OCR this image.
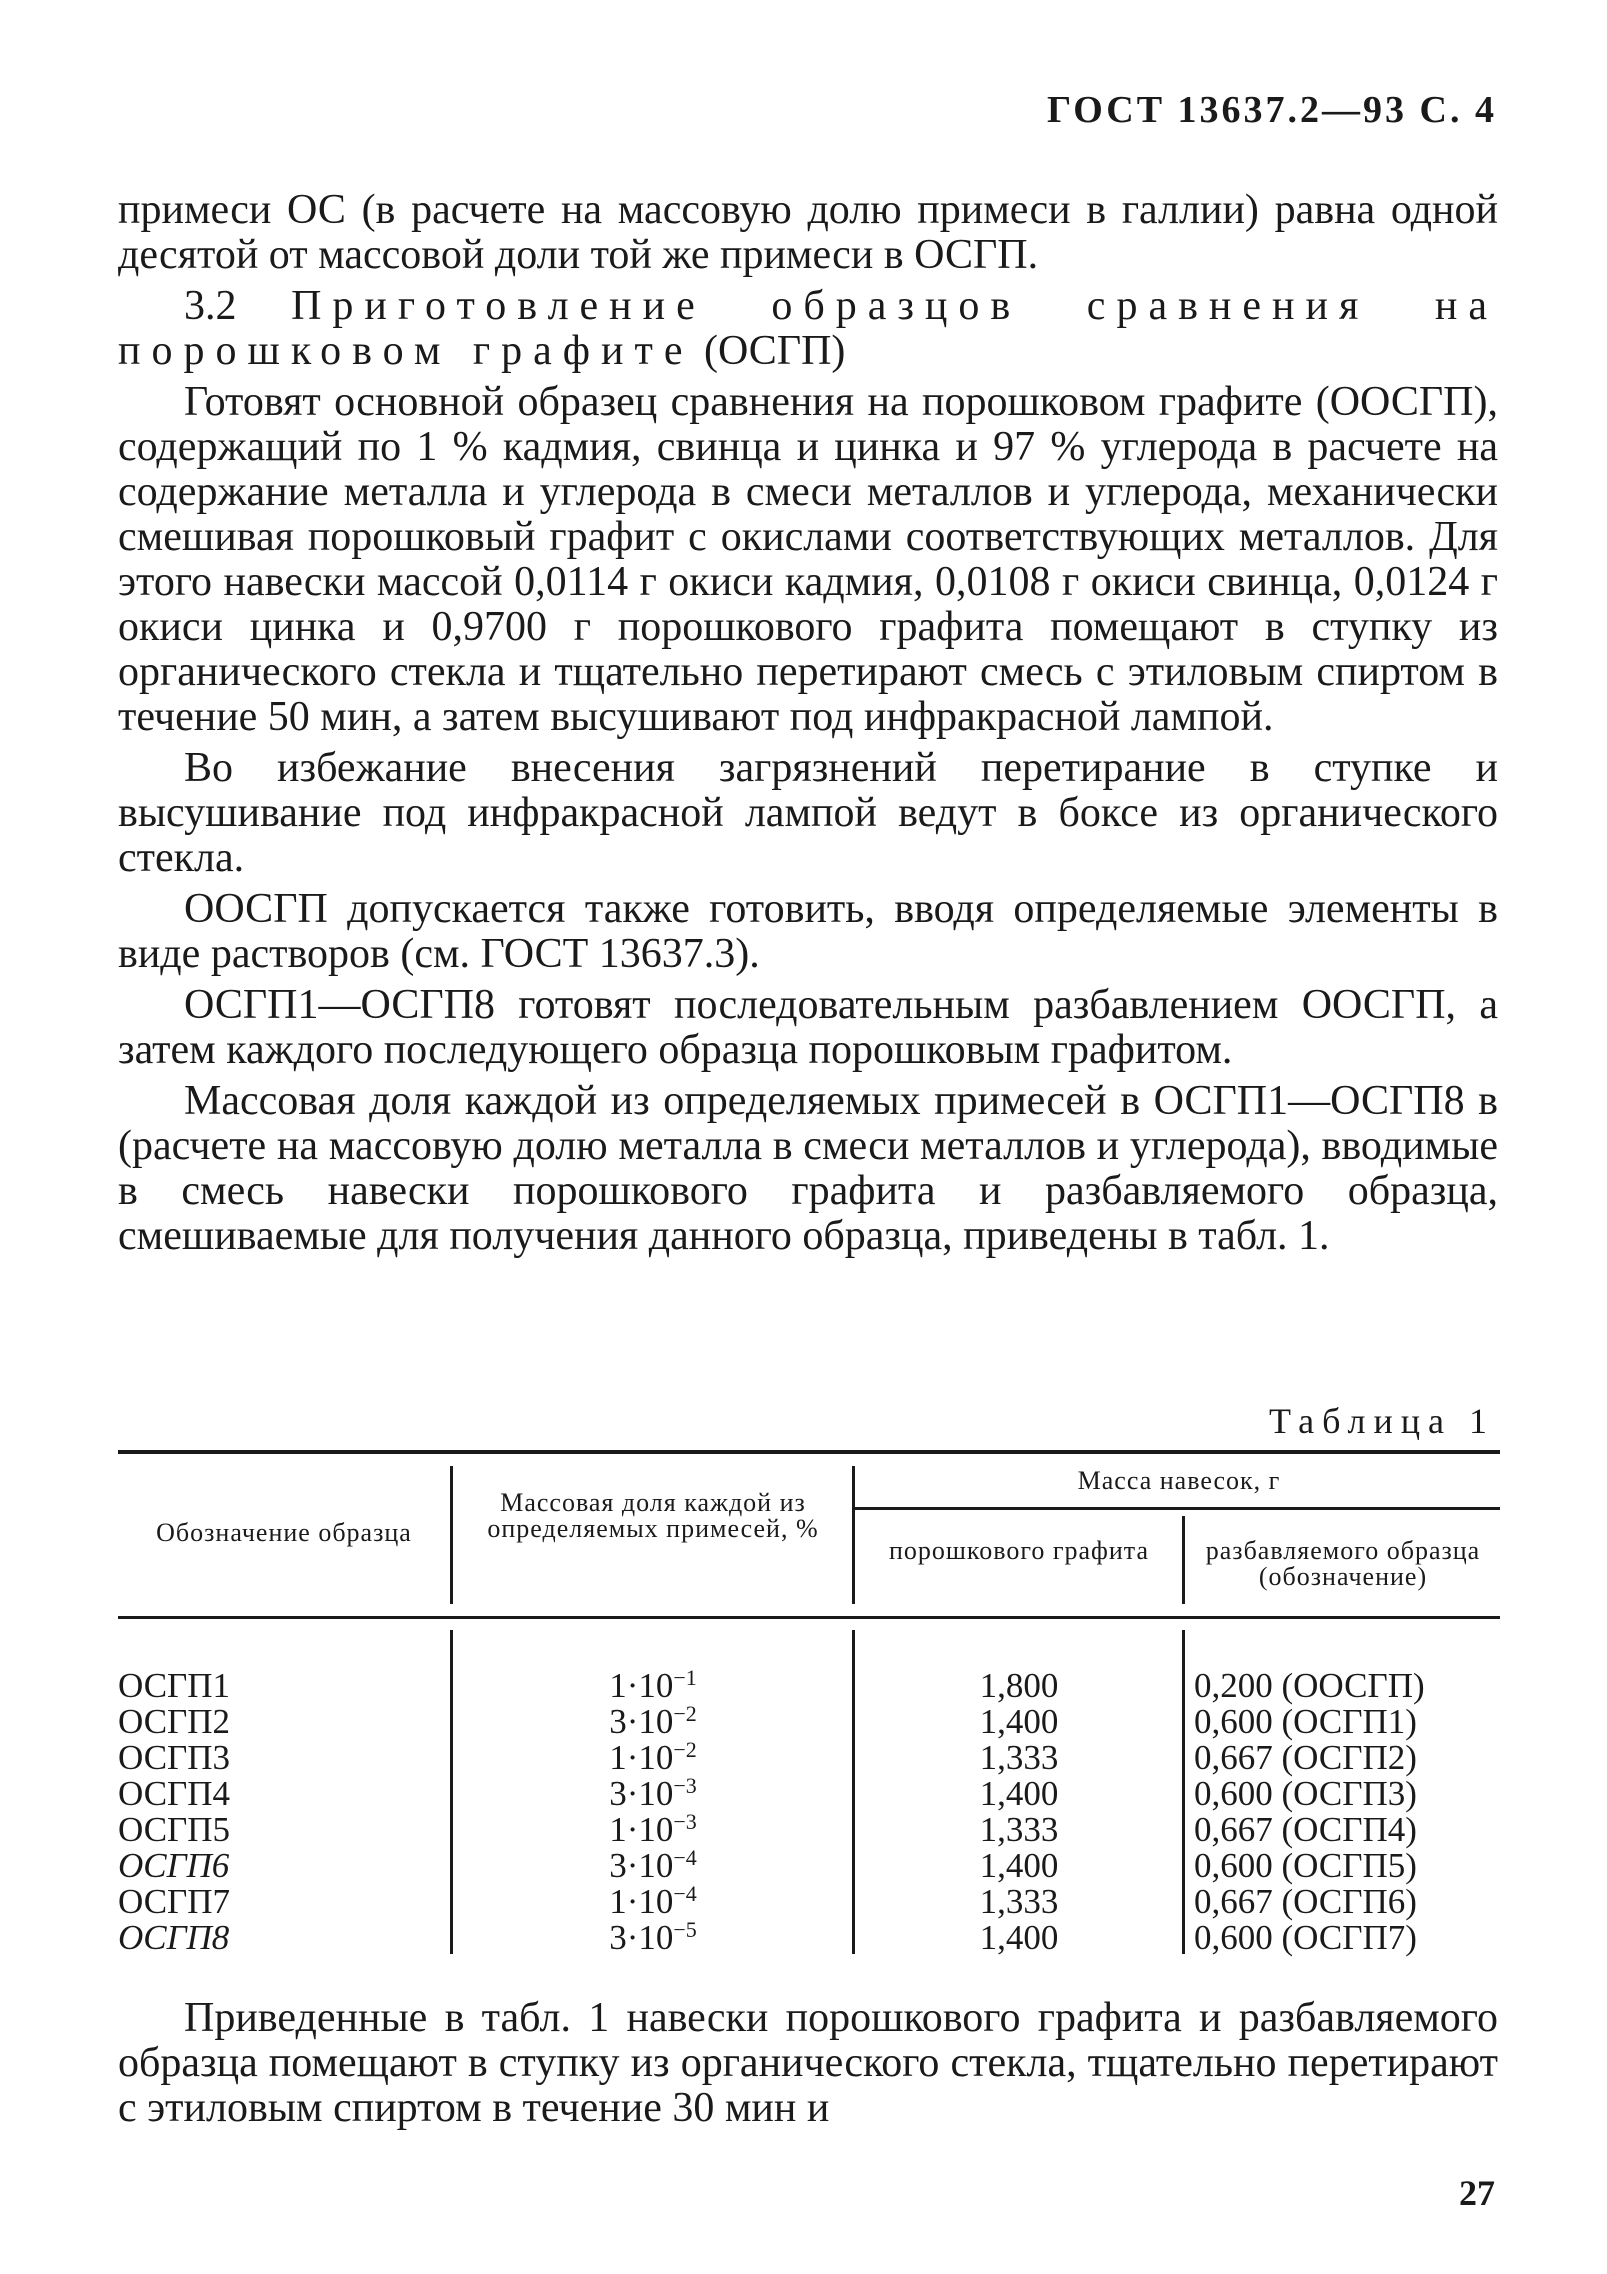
ГОСТ 13637.2—93 С. 4

примеси ОС (в расчете на массовую долю примеси в галлии) равна одной десятой от массовой доли той же примеси в ОСГП.

3.2 Приготовление образцов сравнения на порошковом графите (ОСГП)

Готовят основной образец сравнения на порошковом графите (ООСГП), содержащий по 1 % кадмия, свинца и цинка и 97 % углерода в расчете на содержание металла и углерода в смеси металлов и углерода, механически смешивая порошковый графит с окислами соответствующих металлов. Для этого навески массой 0,0114 г окиси кадмия, 0,0108 г окиси свинца, 0,0124 г окиси цинка и 0,9700 г порошкового графита помещают в ступку из органического стекла и тщательно перетирают смесь с этиловым спиртом в течение 50 мин, а затем высушивают под инфракрасной лампой.

Во избежание внесения загрязнений перетирание в ступке и высушивание под инфракрасной лампой ведут в боксе из органического стекла.

ООСГП допускается также готовить, вводя определяемые элементы в виде растворов (см. ГОСТ 13637.3).

ОСГП1—ОСГП8 готовят последовательным разбавлением ООСГП, а затем каждого последующего образца порошковым графитом.

Массовая доля каждой из определяемых примесей в ОСГП1—ОСГП8 в (расчете на массовую долю металла в смеси металлов и углерода), вводимые в смесь навески порошкового графита и разбавляемого образца, смешиваемые для получения данного образца, приведены в табл. 1.

Таблица 1
Обозначение образца
Массовая доля каждой из определяемых примесей, %
Масса навесок, г
порошкового графита	разбавляемого образца (обозначение)
ОСГП1
ОСГП2
ОСГП3
ОСГП4
ОСГП5
ОСГП6
ОСГП7
ОСГП8
$1\cdot 10^{-1}$
$3\cdot 10^{-2}$
$1\cdot 10^{-2}$
$3\cdot 10^{-3}$
$1\cdot 10^{-3}$
$3\cdot 10^{-4}$
$1\cdot 10^{-4}$
$3\cdot 10^{-5}$
1,800
1,400
1,333
1,400
1,333
1,400
1,333
1,400
0,200 (ООСГП)
0,600 (ОСГП1)
0,667 (ОСГП2)
0,600 (ОСГП3)
0,667 (ОСГП4)
0,600 (ОСГП5)
0,667 (ОСГП6)
0,600 (ОСГП7)

Приведенные в табл. 1 навески порошкового графита и разбавляемого образца помещают в ступку из органического стекла, тщательно перетирают с этиловым спиртом в течение 30 мин и

27
